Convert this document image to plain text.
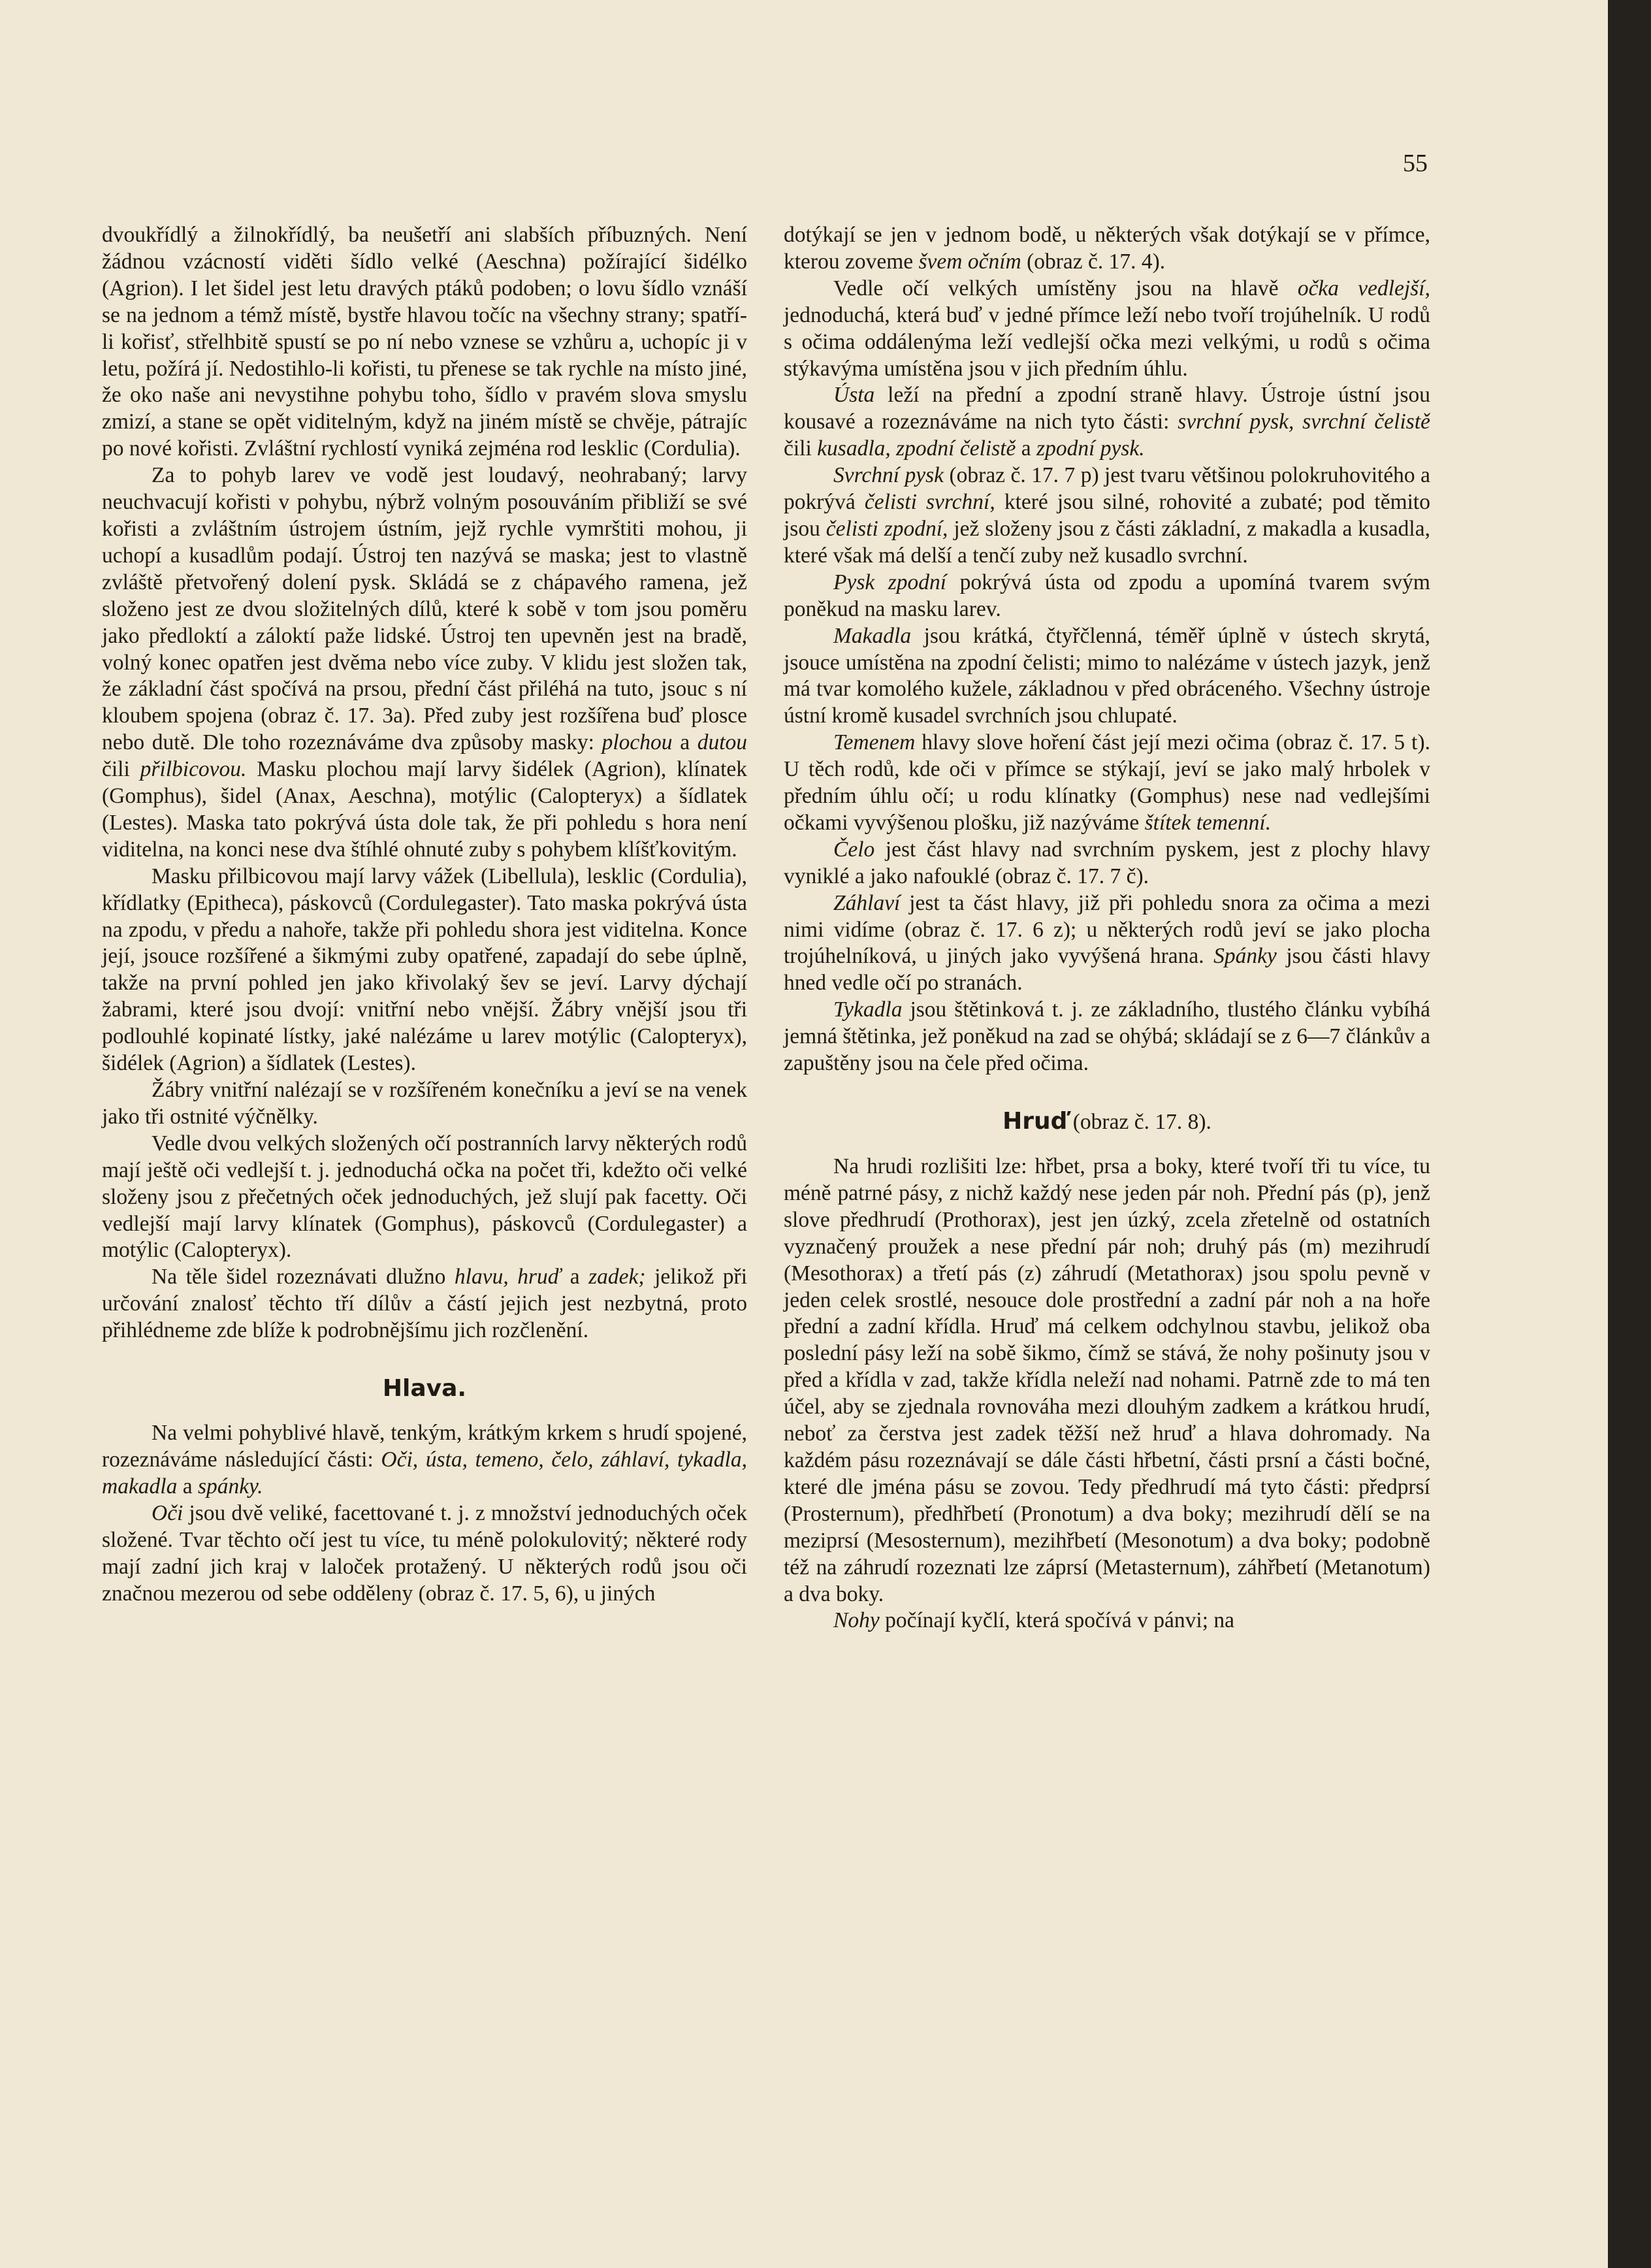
55

dvoukřídlý a žilnokřídlý, ba neušetří ani slabších příbuzných. Není žádnou vzácností viděti šídlo velké (Aeschna) požírající šidélko (Agrion). I let šidel jest letu dravých ptáků podoben; o lovu šídlo vznáší se na jednom a témž místě, bystře hlavou točíc na všechny strany; spatří-li kořisť, střelhbitě spustí se po ní nebo vznese se vzhůru a, uchopíc ji v letu, požírá jí. Nedostihlo-li kořisti, tu přenese se tak rychle na místo jiné, že oko naše ani nevystihne pohybu toho, šídlo v pravém slova smyslu zmizí, a stane se opět viditelným, když na jiném místě se chvěje, pátrajíc po nové kořisti. Zvláštní rychlostí vyniká zejména rod lesklic (Cordulia).

Za to pohyb larev ve vodě jest loudavý, neohrabaný; larvy neuchvacují kořisti v pohybu, nýbrž volným posouváním přibliží se své kořisti a zvláštním ústrojem ústním, jejž rychle vymrštiti mohou, ji uchopí a kusadlům podají. Ústroj ten nazývá se maska; jest to vlastně zvláště přetvořený dolení pysk. Skládá se z chápavého ramena, jež složeno jest ze dvou složitelných dílů, které k sobě v tom jsou poměru jako předloktí a záloktí paže lidské. Ústroj ten upevněn jest na bradě, volný konec opatřen jest dvěma nebo více zuby. V klidu jest složen tak, že základní část spočívá na prsou, přední část přiléhá na tuto, jsouc s ní kloubem spojena (obraz č. 17. 3a). Před zuby jest rozšířena buď plosce nebo dutě. Dle toho rozeznáváme dva způsoby masky: plochou a dutou čili přilbicovou. Masku plochou mají larvy šidélek (Agrion), klínatek (Gomphus), šidel (Anax, Aeschna), motýlic (Calopteryx) a šídlatek (Lestes). Maska tato pokrývá ústa dole tak, že při pohledu s hora není viditelna, na konci nese dva štíhlé ohnuté zuby s pohybem klíšťkovitým.

Masku přilbicovou mají larvy vážek (Libellula), lesklic (Cordulia), křídlatky (Epitheca), páskovců (Cordulegaster). Tato maska pokrývá ústa na zpodu, v předu a nahoře, takže při pohledu shora jest viditelna. Konce její, jsouce rozšířené a šikmými zuby opatřené, zapadají do sebe úplně, takže na první pohled jen jako křivolaký šev se jeví. Larvy dýchají žabrami, které jsou dvojí: vnitřní nebo vnější. Žábry vnější jsou tři podlouhlé kopinaté lístky, jaké nalézáme u larev motýlic (Calopteryx), šidélek (Agrion) a šídlatek (Lestes).

Žábry vnitřní nalézají se v rozšířeném konečníku a jeví se na venek jako tři ostnité výčnělky.

Vedle dvou velkých složených očí postranních larvy některých rodů mají ještě oči vedlejší t. j. jednoduchá očka na počet tři, kdežto oči velké složeny jsou z přečetných oček jednoduchých, jež slují pak facetty. Oči vedlejší mají larvy klínatek (Gomphus), páskovců (Cordulegaster) a motýlic (Calopteryx).

Na těle šidel rozeznávati dlužno hlavu, hruď a zadek; jelikož při určování znalosť těchto tří dílův a částí jejich jest nezbytná, proto přihlédneme zde blíže k podrobnějšímu jich rozčlenění.

Hlava.

Na velmi pohyblivé hlavě, tenkým, krátkým krkem s hrudí spojené, rozeznáváme následující části: Oči, ústa, temeno, čelo, záhlaví, tykadla, makadla a spánky.

Oči jsou dvě veliké, facettované t. j. z množství jednoduchých oček složené. Tvar těchto očí jest tu více, tu méně polokulovitý; některé rody mají zadní jich kraj v laloček protažený. U některých rodů jsou oči značnou mezerou od sebe odděleny (obraz č. 17. 5, 6), u jiných

dotýkají se jen v jednom bodě, u některých však dotýkají se v přímce, kterou zoveme švem očním (obraz č. 17. 4).

Vedle očí velkých umístěny jsou na hlavě očka vedlejší, jednoduchá, která buď v jedné přímce leží nebo tvoří trojúhelník. U rodů s očima oddálenýma leží vedlejší očka mezi velkými, u rodů s očima stýkavýma umístěna jsou v jich předním úhlu.

Ústa leží na přední a zpodní straně hlavy. Ústroje ústní jsou kousavé a rozeznáváme na nich tyto části: svrchní pysk, svrchní čelistě čili kusadla, zpodní čelistě a zpodní pysk.

Svrchní pysk (obraz č. 17. 7 p) jest tvaru většinou polokruhovitého a pokrývá čelisti svrchní, které jsou silné, rohovité a zubaté; pod těmito jsou čelisti zpodní, jež složeny jsou z části základní, z makadla a kusadla, které však má delší a tenčí zuby než kusadlo svrchní.

Pysk zpodní pokrývá ústa od zpodu a upomíná tvarem svým poněkud na masku larev.

Makadla jsou krátká, čtyřčlenná, téměř úplně v ústech skrytá, jsouce umístěna na zpodní čelisti; mimo to nalézáme v ústech jazyk, jenž má tvar komolého kužele, základnou v před obráceného. Všechny ústroje ústní kromě kusadel svrchních jsou chlupaté.

Temenem hlavy slove hoření část její mezi očima (obraz č. 17. 5 t). U těch rodů, kde oči v přímce se stýkají, jeví se jako malý hrbolek v předním úhlu očí; u rodu klínatky (Gomphus) nese nad vedlejšími očkami vyvýšenou plošku, již nazýváme štítek temenní.

Čelo jest část hlavy nad svrchním pyskem, jest z plochy hlavy vyniklé a jako nafouklé (obraz č. 17. 7 č).

Záhlaví jest ta část hlavy, již při pohledu snora za očima a mezi nimi vidíme (obraz č. 17. 6 z); u některých rodů jeví se jako plocha trojúhelníková, u jiných jako vyvýšená hrana. Spánky jsou části hlavy hned vedle očí po stranách.

Tykadla jsou štětinková t. j. ze základního, tlustého článku vybíhá jemná štětinka, jež poněkud na zad se ohýbá; skládají se z 6—7 článkův a zapuštěny jsou na čele před očima.

Hruď (obraz č. 17. 8).

Na hrudi rozlišiti lze: hřbet, prsa a boky, které tvoří tři tu více, tu méně patrné pásy, z nichž každý nese jeden pár noh. Přední pás (p), jenž slove předhrudí (Prothorax), jest jen úzký, zcela zřetelně od ostatních vyznačený proužek a nese přední pár noh; druhý pás (m) mezihrudí (Mesothorax) a třetí pás (z) záhrudí (Metathorax) jsou spolu pevně v jeden celek srostlé, nesouce dole prostřední a zadní pár noh a na hoře přední a zadní křídla. Hruď má celkem odchylnou stavbu, jelikož oba poslední pásy leží na sobě šikmo, čímž se stává, že nohy pošinuty jsou v před a křídla v zad, takže křídla neleží nad nohami. Patrně zde to má ten účel, aby se zjednala rovnováha mezi dlouhým zadkem a krátkou hrudí, neboť za čerstva jest zadek těžší než hruď a hlava dohromady. Na každém pásu rozeznávají se dále části hřbetní, části prsní a části bočné, které dle jména pásu se zovou. Tedy předhrudí má tyto části: předprsí (Prosternum), předhřbetí (Pronotum) a dva boky; mezihrudí dělí se na meziprsí (Mesosternum), mezihřbetí (Mesonotum) a dva boky; podobně též na záhrudí rozeznati lze záprsí (Metasternum), záhřbetí (Metanotum) a dva boky.

Nohy počínají kyčlí, která spočívá v pánvi; na
